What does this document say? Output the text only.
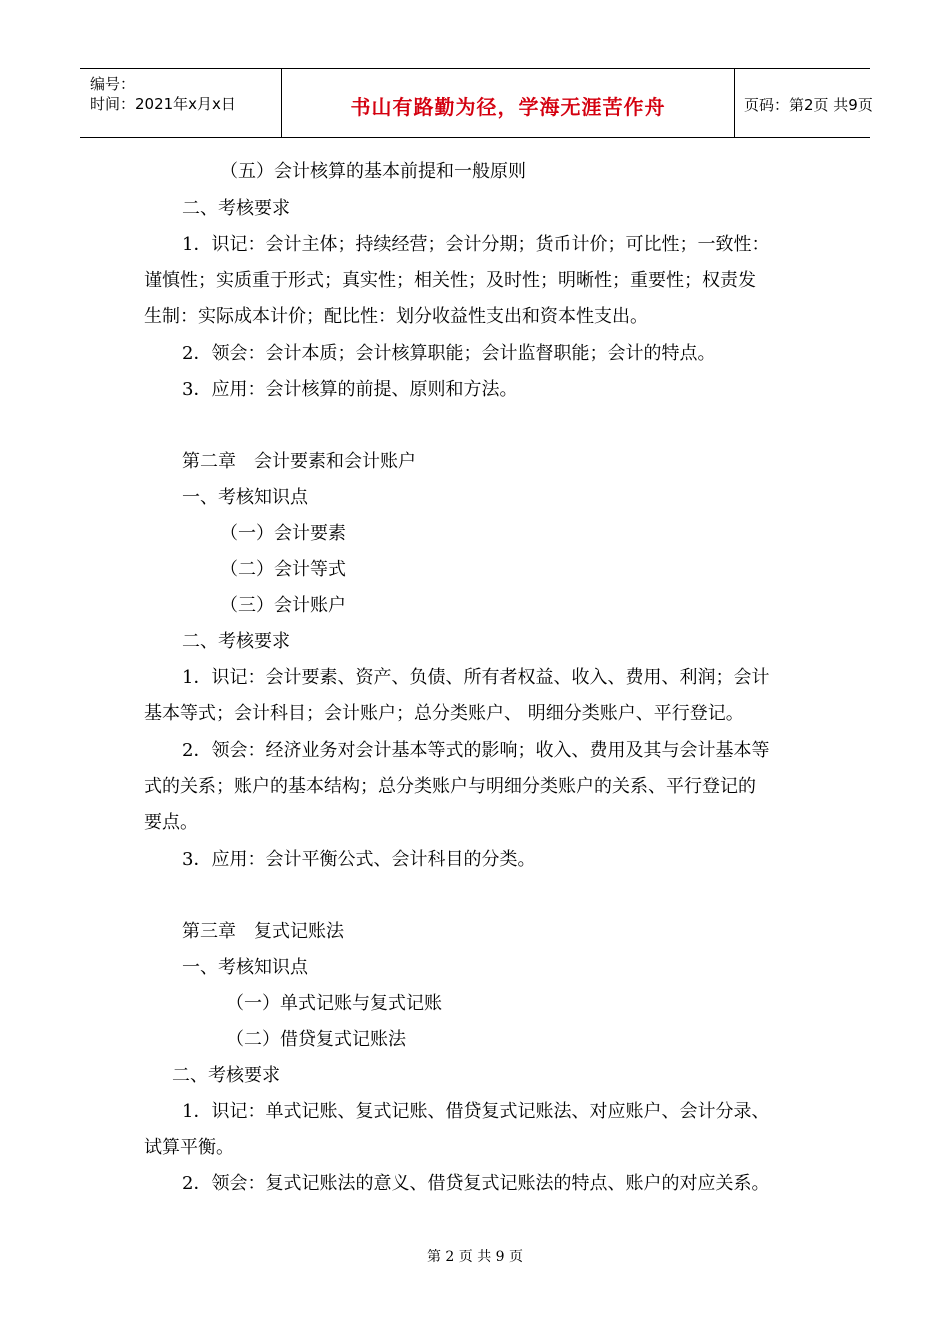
编号：
时间：2021年x月x日	书山有路勤为径，学海无涯苦作舟	页码：第2页 共9页
（五）会计核算的基本前提和一般原则
二、考核要求
1．识记：会计主体；持续经营；会计分期；货币计价；可比性；一致性：
谨慎性；实质重于形式；真实性；相关性；及时性；明晰性；重要性；权责发
生制：实际成本计价；配比性：划分收益性支出和资本性支出。
2．领会：会计本质；会计核算职能；会计监督职能；会计的特点。
3．应用：会计核算的前提、原则和方法。
第二章　会计要素和会计账户
一、考核知识点
（一）会计要素
（二）会计等式
（三）会计账户
二、考核要求
1．识记：会计要素、资产、负债、所有者权益、收入、费用、利润；会计
基本等式；会计科目；会计账户；总分类账户、 明细分类账户、平行登记。
2．领会：经济业务对会计基本等式的影响；收入、费用及其与会计基本等
式的关系；账户的基本结构；总分类账户与明细分类账户的关系、平行登记的
要点。
3．应用：会计平衡公式、会计科目的分类。
第三章　复式记账法
一、考核知识点
（一）单式记账与复式记账
（二）借贷复式记账法
二、考核要求
1．识记：单式记账、复式记账、借贷复式记账法、对应账户、会计分录、
试算平衡。
2．领会：复式记账法的意义、借贷复式记账法的特点、账户的对应关系。
第 2 页 共 9 页
